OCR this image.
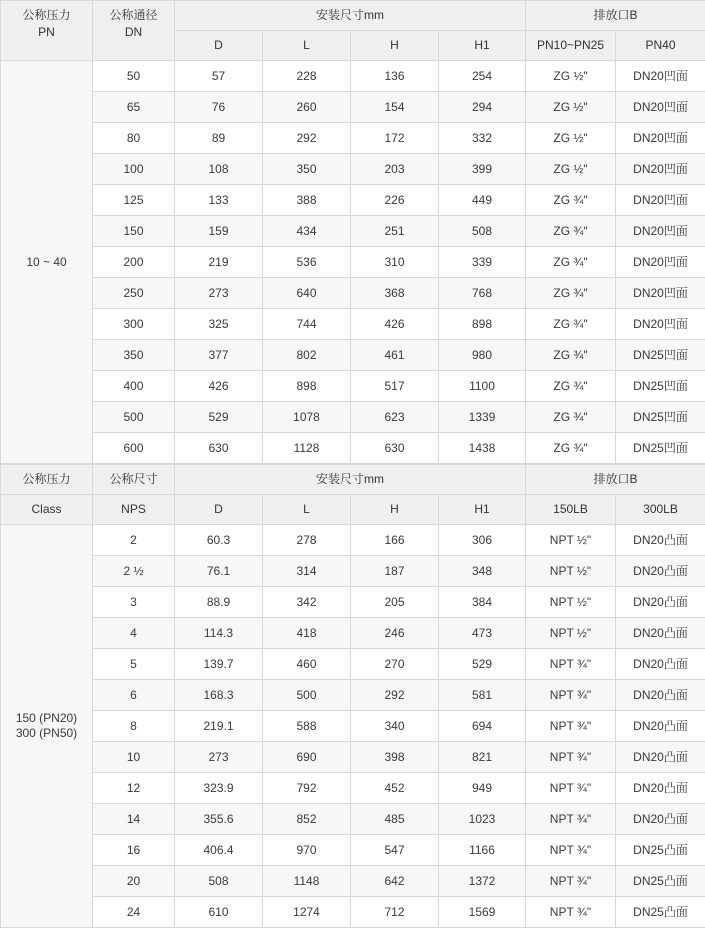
公称压力
PN	公称通径
DN	安装尺寸mm				排放口B	
		D	L	H	H1	PN10~PN25	PN40
10 ~ 40	50	57	228	136	254	ZG ½"	DN20凹面
	65	76	260	154	294	ZG ½"	DN20凹面
	80	89	292	172	332	ZG ½"	DN20凹面
	100	108	350	203	399	ZG ½"	DN20凹面
	125	133	388	226	449	ZG ¾"	DN20凹面
	150	159	434	251	508	ZG ¾"	DN20凹面
	200	219	536	310	339	ZG ¾"	DN20凹面
	250	273	640	368	768	ZG ¾"	DN20凹面
	300	325	744	426	898	ZG ¾"	DN20凹面
	350	377	802	461	980	ZG ¾"	DN25凹面
	400	426	898	517	1100	ZG ¾"	DN25凹面
	500	529	1078	623	1339	ZG ¾"	DN25凹面
	600	630	1128	630	1438	ZG ¾"	DN25凹面
公称压力	公称尺寸	安装尺寸mm				排放口B	
Class	NPS	D	L	H	H1	150LB	300LB

150 (PN20)
300 (PN50)	2	60.3	278	166	306	NPT ½"	DN20凸面
	2 ½	76.1	314	187	348	NPT ½"	DN20凸面
	3	88.9	342	205	384	NPT ½"	DN20凸面
	4	114.3	418	246	473	NPT ½"	DN20凸面
	5	139.7	460	270	529	NPT ¾"	DN20凸面
	6	168.3	500	292	581	NPT ¾"	DN20凸面
	8	219.1	588	340	694	NPT ¾"	DN20凸面
	10	273	690	398	821	NPT ¾"	DN20凸面
	12	323.9	792	452	949	NPT ¾"	DN20凸面
	14	355.6	852	485	1023	NPT ¾"	DN20凸面
	16	406.4	970	547	1166	NPT ¾"	DN25凸面
	20	508	1148	642	1372	NPT ¾"	DN25凸面
	24	610	1274	712	1569	NPT ¾"	DN25凸面
